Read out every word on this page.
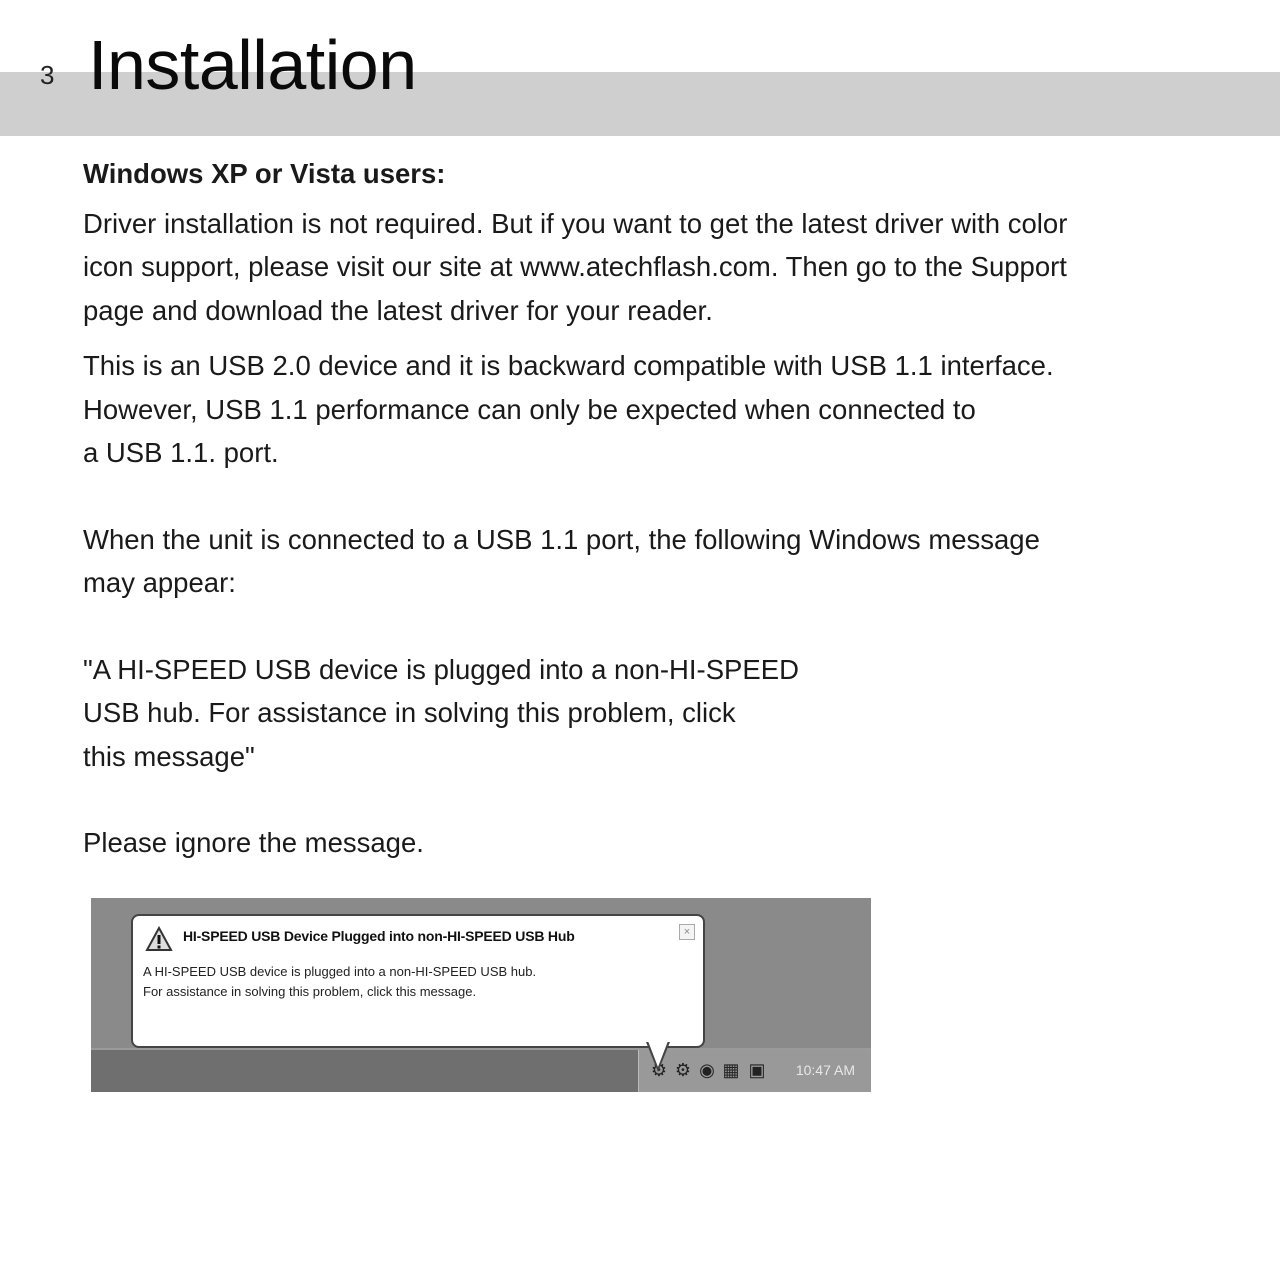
3 Installation

Windows XP or Vista users:

Driver installation is not required. But if you want to get the latest driver with color

icon support, please visit our site at www.atechflash.com. Then go to the Support

page and download the latest driver for your reader.

This is an USB 2.0 device and it is backward compatible with USB 1.1 interface.

However, USB 1.1 performance can only be expected when connected to

a USB 1.1. port.

When the unit is connected to a USB 1.1 port, the following Windows message

may appear:

"A HI-SPEED USB device is plugged into a non-HI-SPEED

USB hub. For assistance in solving this problem, click

this message"

Please ignore the message.

⚙ ⚙ ◉ ▦ ▣ 10:47 AM
HI-SPEED USB Device Plugged into non-HI-SPEED USB Hub	×

A HI-SPEED USB device is plugged into a non-HI-SPEED USB hub.

For assistance in solving this problem, click this message.
